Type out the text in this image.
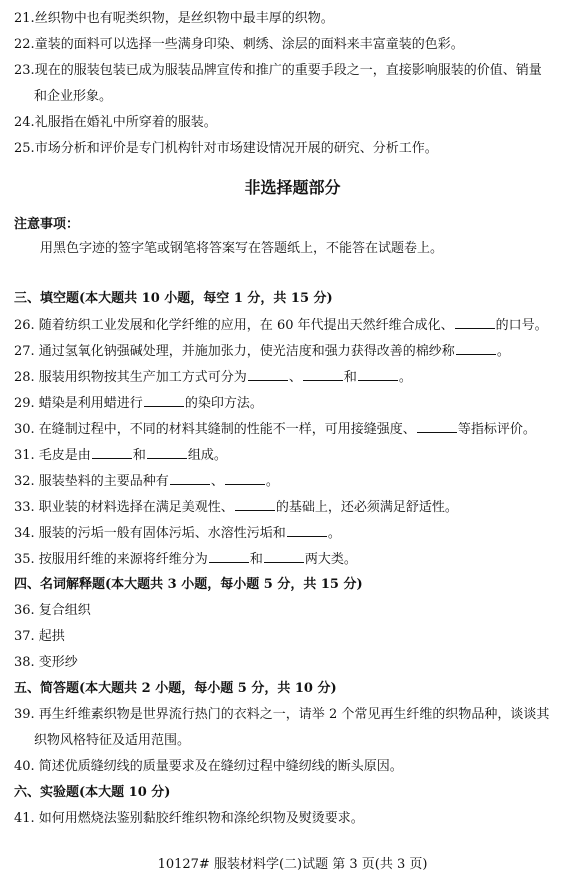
21.丝织物中也有呢类织物，是丝织物中最丰厚的织物。
22.童装的面料可以选择一些满身印染、刺绣、涂层的面料来丰富童装的色彩。
23.现在的服装包装已成为服装品牌宣传和推广的重要手段之一，直接影响服装的价值、销量
和企业形象。
24.礼服指在婚礼中所穿着的服装。
25.市场分析和评价是专门机构针对市场建设情况开展的研究、分析工作。
非选择题部分
注意事项：
用黑色字迹的签字笔或钢笔将答案写在答题纸上，不能答在试题卷上。
三、填空题(本大题共 10 小题，每空 1 分，共 15 分)
26. 随着纺织工业发展和化学纤维的应用，在 60 年代提出天然纤维合成化、	的口号。
27. 通过氢氧化钠强碱处理，并施加张力，使光洁度和强力获得改善的棉纱称	。
28. 服装用织物按其生产加工方式可分为	、	和	。
29. 蜡染是利用蜡进行	的染印方法。
30. 在缝制过程中，不同的材料其缝制的性能不一样，可用接缝强度、	等指标评价。
31. 毛皮是由	和	组成。
32. 服装垫料的主要品种有	、	。
33. 职业装的材料选择在满足美观性、	的基础上，还必须满足舒适性。
34. 服装的污垢一般有固体污垢、水溶性污垢和	。
35. 按服用纤维的来源将纤维分为	和	两大类。
四、名词解释题(本大题共 3 小题，每小题 5 分，共 15 分)
36. 复合组织
37. 起拱
38. 变形纱
五、简答题(本大题共 2 小题，每小题 5 分，共 10 分)
39. 再生纤维素织物是世界流行热门的衣料之一，请举 2 个常见再生纤维的织物品种，谈谈其
织物风格特征及适用范围。
40. 简述优质缝纫线的质量要求及在缝纫过程中缝纫线的断头原因。
六、实验题(本大题 10 分)
41. 如何用燃烧法鉴别黏胶纤维织物和涤纶织物及熨烫要求。
10127# 服装材料学(二)试题 第 3 页(共 3 页)
